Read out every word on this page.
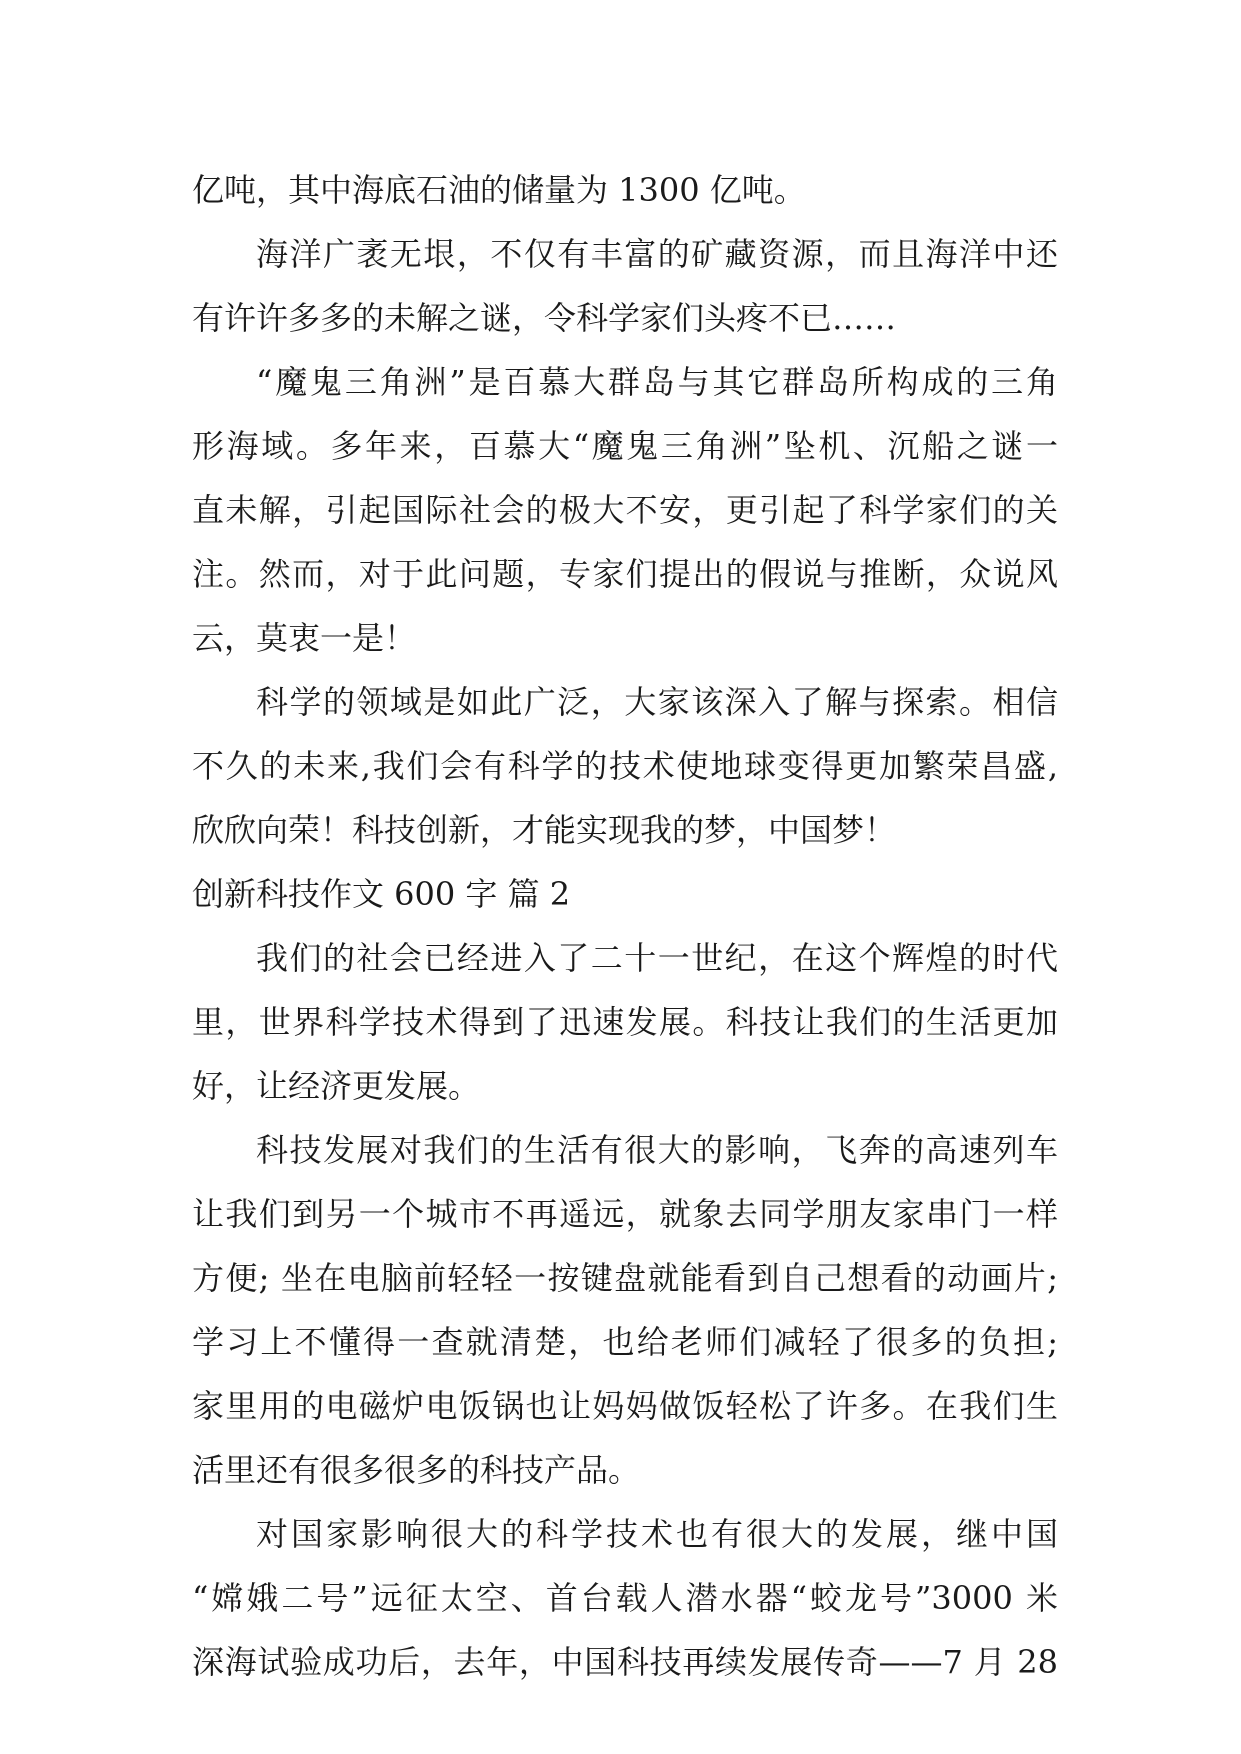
亿吨，其中海底石油的储量为 1300 亿吨。
海洋广袤无垠，不仅有丰富的矿藏资源，而且海洋中还
有许许多多的未解之谜，令科学家们头疼不已……
“魔鬼三角洲”是百慕大群岛与其它群岛所构成的三角
形海域。多年来，百慕大“魔鬼三角洲”坠机、沉船之谜一
直未解，引起国际社会的极大不安，更引起了科学家们的关
注。然而，对于此问题，专家们提出的假说与推断，众说风
云，莫衷一是！
科学的领域是如此广泛，大家该深入了解与探索。相信
不久的未来,我们会有科学的技术使地球变得更加繁荣昌盛,
欣欣向荣！科技创新，才能实现我的梦，中国梦！
创新科技作文 600 字 篇 2
我们的社会已经进入了二十一世纪，在这个辉煌的时代
里，世界科学技术得到了迅速发展。科技让我们的生活更加
好，让经济更发展。
科技发展对我们的生活有很大的影响，飞奔的高速列车
让我们到另一个城市不再遥远，就象去同学朋友家串门一样
方便; 坐在电脑前轻轻一按键盘就能看到自己想看的动画片;
学习上不懂得一查就清楚，也给老师们减轻了很多的负担;
家里用的电磁炉电饭锅也让妈妈做饭轻松了许多。在我们生
活里还有很多很多的科技产品。
对国家影响很大的科学技术也有很大的发展，继中国
“嫦娥二号”远征太空、首台载人潜水器“蛟龙号”3000 米
深海试验成功后，去年，中国科技再续发展传奇——7 月 28
